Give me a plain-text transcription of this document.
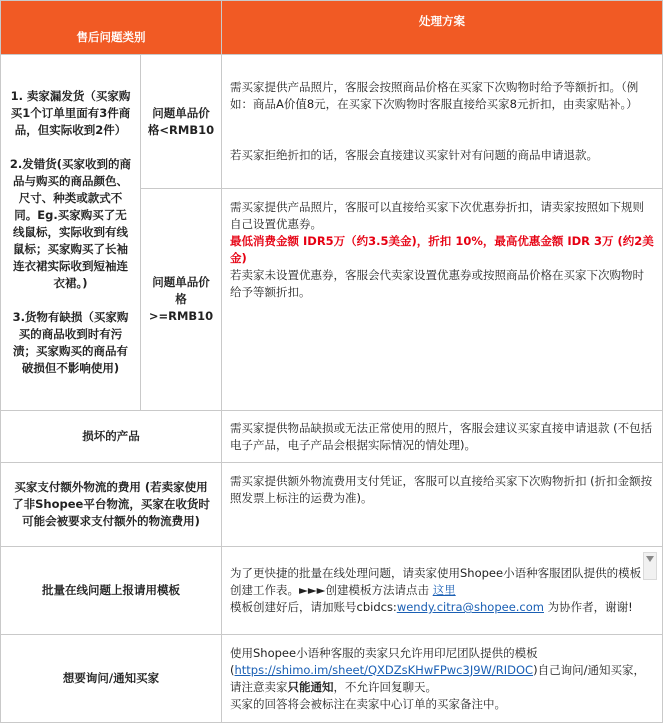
售后问题类别		处理方案

1. 卖家漏发货（买家购买1个订单里面有3件商品，但实际收到2件）
2.发错货(买家收到的商品与购买的商品颜色、尺寸、种类或款式不同。Eg.买家购买了无线鼠标，实际收到有线鼠标；买家购买了长袖连衣裙实际收到短袖连衣裙。)
3.货物有缺损（买家购买的商品收到时有污渍；买家购买的商品有破损但不影响使用)	问题单品价格<RMB10	需买家提供产品照片，客服会按照商品价格在买家下次购物时给予等额折扣。（例如：商品A价值8元，在买家下次购物时客服直接给买家8元折扣，由卖家贴补。）
若买家拒绝折扣的话，客服会直接建议买家针对有问题的商品申请退款。

	问题单品价格>=RMB10	需买家提供产品照片，客服可以直接给买家下次优惠券折扣，请卖家按照如下规则自己设置优惠券。
最低消费金额 IDR5万（约3.5美金)，折扣 10%，最高优惠金额 IDR 3万 (约2美金)
若卖家未设置优惠券，客服会代卖家设置优惠券或按照商品价格在买家下次购物时给予等额折扣。

损坏的产品		需买家提供物品缺损或无法正常使用的照片，客服会建议买家直接申请退款 (不包括电子产品，电子产品会根据实际情况的情处理)。
买家支付额外物流的费用 (若卖家使用了非Shopee平台物流，买家在收货时可能会被要求支付额外的物流费用)		需买家提供额外物流费用支付凭证，客服可以直接给买家下次购物折扣 (折扣金额按照发票上标注的运费为准)。
批量在线问题上报请用模板		为了更快捷的批量在线处理问题，请卖家使用Shopee小语种客服团队提供的模板创建工作表。►►►创建模板方法请点击 这里
模板创建好后，请加账号cbidcs:wendy.citra@shopee.com 为协作者，谢谢!
想要询问/通知买家		使用Shopee小语种客服的卖家只允许用印尼团队提供的模板(https://shimo.im/sheet/QXDZsKHwFPwc3J9W/RIDOC)自己询问/通知买家，请注意卖家只能通知，不允许回复聊天。
买家的回答将会被标注在卖家中心订单的买家备注中。
